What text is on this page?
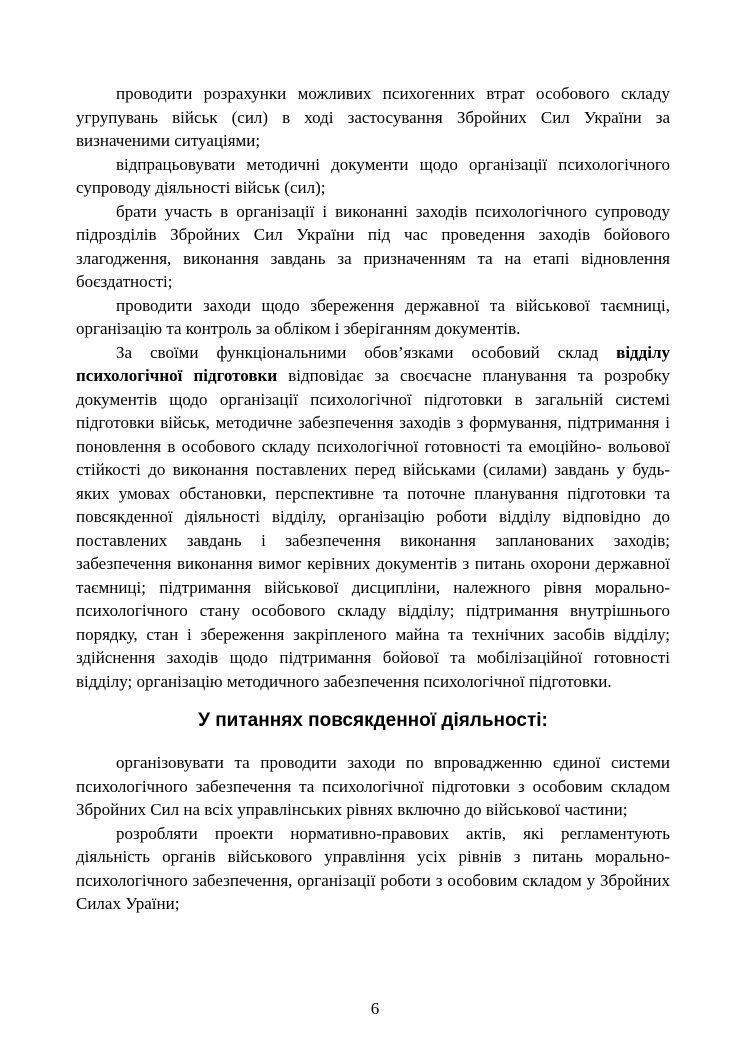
проводити розрахунки можливих психогенних втрат особового складу угрупувань військ (сил) в ході застосування Збройних Сил України за визначеними ситуаціями;

відпрацьовувати методичні документи щодо організації психологічного супроводу діяльності військ (сил);

брати участь в організації і виконанні заходів психологічного супроводу підрозділів Збройних Сил України під час проведення заходів бойового злагодження, виконання завдань за призначенням та на етапі відновлення боєздатності;

проводити заходи щодо збереження державної та військової таємниці, організацію та контроль за обліком і зберіганням документів.

За своїми функціональними обов’язками особовий склад відділу психологічної підготовки відповідає за своєчасне планування та розробку документів щодо організації психологічної підготовки в загальній системі підготовки військ, методичне забезпечення заходів з формування, підтримання і поновлення в особового складу психологічної готовності та емоційно- вольової стійкості до виконання поставлених перед військами (силами) завдань у будь-яких умовах обстановки, перспективне та поточне планування підготовки та повсякденної діяльності відділу, організацію роботи відділу відповідно до поставлених завдань і забезпечення виконання запланованих заходів; забезпечення виконання вимог керівних документів з питань охорони державної таємниці; підтримання військової дисципліни, належного рівня морально-психологічного стану особового складу відділу; підтримання внутрішнього порядку, стан і збереження закріпленого майна та технічних засобів відділу; здійснення заходів щодо підтримання бойової та мобілізаційної готовності відділу; організацію методичного забезпечення психологічної підготовки.

У питаннях повсякденної діяльності:

організовувати та проводити заходи по впровадженню єдиної системи психологічного забезпечення та психологічної підготовки з особовим складом Збройних Сил на всіх управлінських рівнях включно до військової частини;

розробляти проекти нормативно-правових актів, які регламентують діяльність органів військового управління усіх рівнів з питань морально- психологічного забезпечення, організації роботи з особовим складом у Збройних Силах Ураїни;

6
